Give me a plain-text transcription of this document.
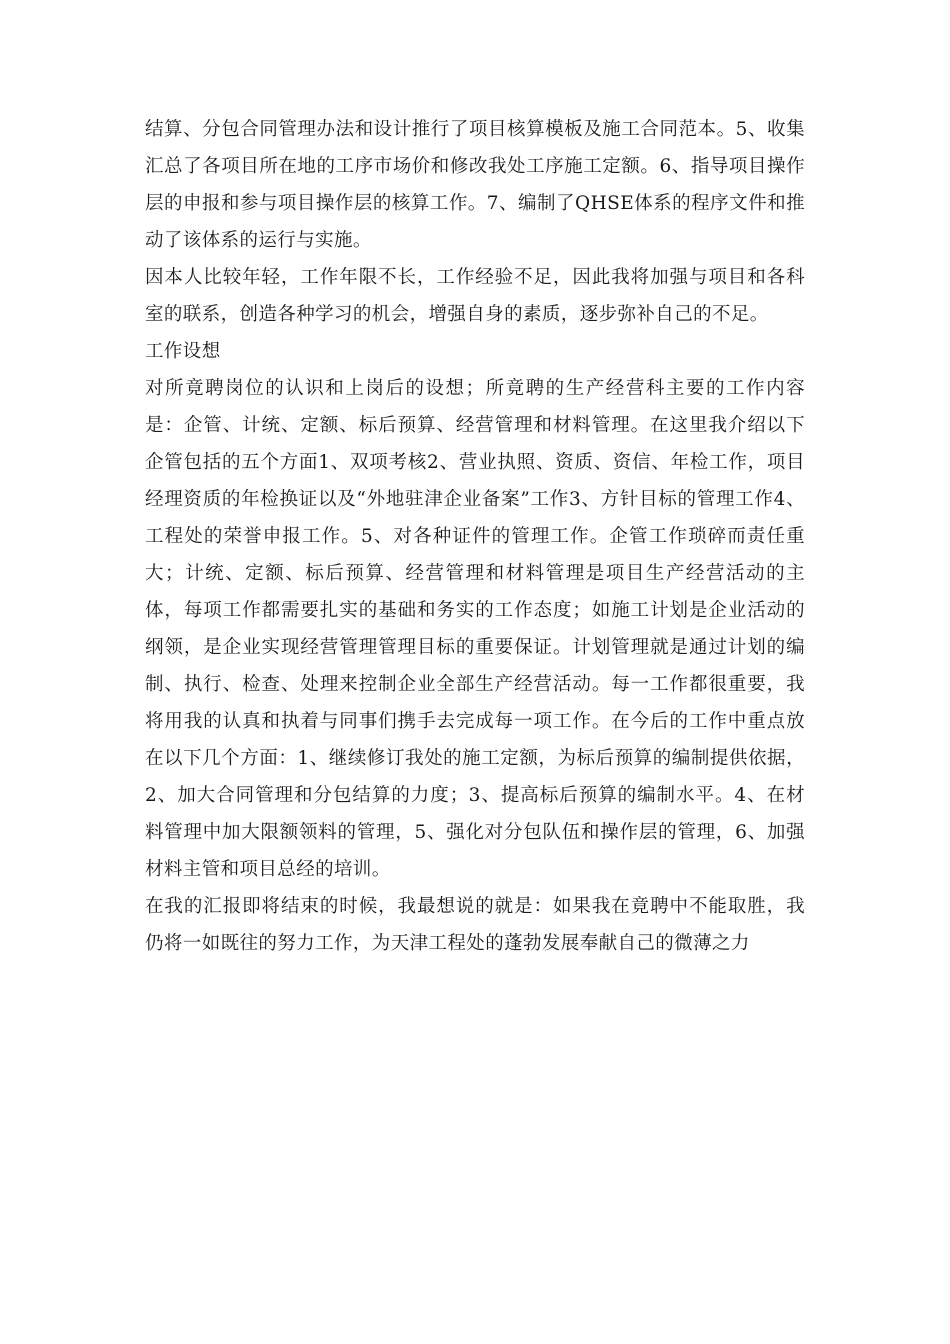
结算、分包合同管理办法和设计推行了项目核算模板及施工合同范本。5、收集汇总了各项目所在地的工序市场价和修改我处工序施工定额。6、指导项目操作层的申报和参与项目操作层的核算工作。7、编制了QHSE体系的程序文件和推动了该体系的运行与实施。

因本人比较年轻，工作年限不长，工作经验不足，因此我将加强与项目和各科室的联系，创造各种学习的机会，增强自身的素质，逐步弥补自己的不足。

工作设想

对所竟聘岗位的认识和上岗后的设想；所竟聘的生产经营科主要的工作内容是：企管、计统、定额、标后预算、经营管理和材料管理。在这里我介绍以下企管包括的五个方面1、双项考核2、营业执照、资质、资信、年检工作，项目经理资质的年检换证以及“外地驻津企业备案”工作3、方针目标的管理工作4、工程处的荣誉申报工作。5、对各种证件的管理工作。企管工作琐碎而责任重大；计统、定额、标后预算、经营管理和材料管理是项目生产经营活动的主体，每项工作都需要扎实的基础和务实的工作态度；如施工计划是企业活动的纲领，是企业实现经营管理管理目标的重要保证。计划管理就是通过计划的编制、执行、检查、处理来控制企业全部生产经营活动。每一工作都很重要，我将用我的认真和执着与同事们携手去完成每一项工作。在今后的工作中重点放在以下几个方面：1、继续修订我处的施工定额，为标后预算的编制提供依据，2、加大合同管理和分包结算的力度；3、提高标后预算的编制水平。4、在材料管理中加大限额领料的管理，5、强化对分包队伍和操作层的管理，6、加强材料主管和项目总经的培训。

在我的汇报即将结束的时候，我最想说的就是：如果我在竟聘中不能取胜，我仍将一如既往的努力工作，为天津工程处的蓬勃发展奉献自己的微薄之力
